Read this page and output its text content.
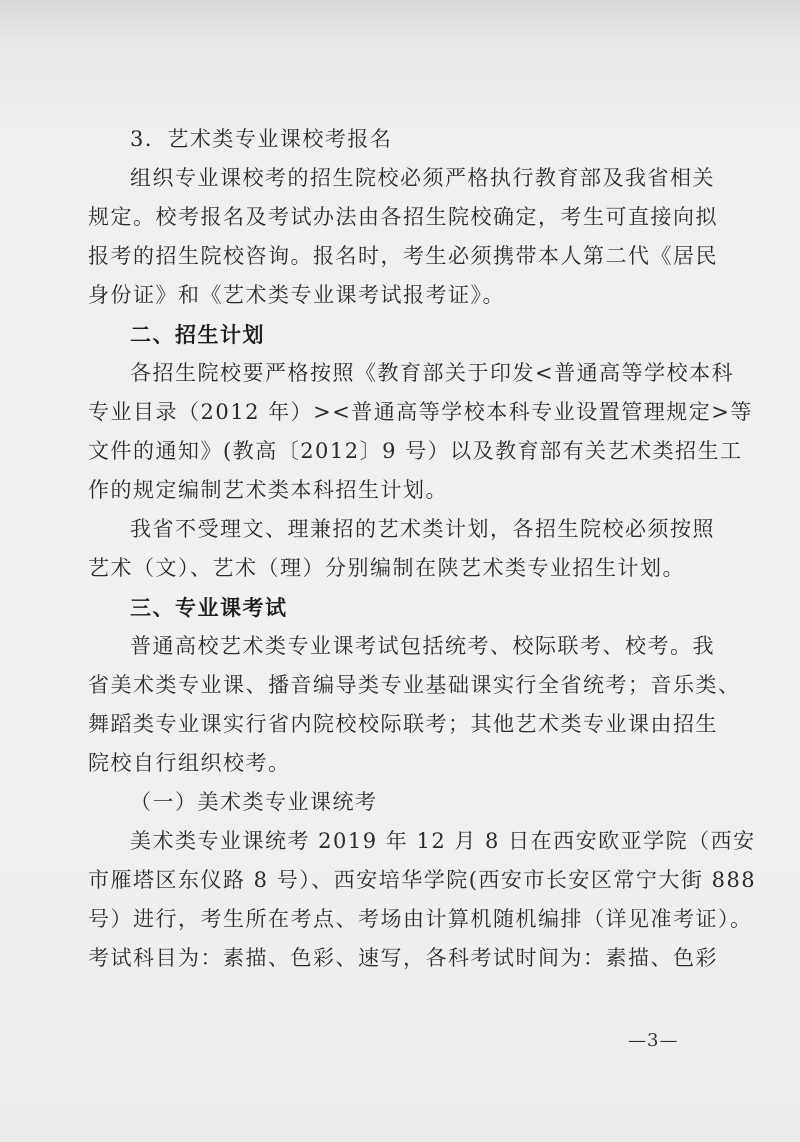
3．艺术类专业课校考报名
组织专业课校考的招生院校必须严格执行教育部及我省相关
规定。校考报名及考试办法由各招生院校确定，考生可直接向拟
报考的招生院校咨询。报名时，考生必须携带本人第二代《居民
身份证》和《艺术类专业课考试报考证》。
二、招生计划
各招生院校要严格按照《教育部关于印发<普通高等学校本科
专业目录（2012 年）><普通高等学校本科专业设置管理规定>等
文件的通知》(教高〔2012〕9 号）以及教育部有关艺术类招生工
作的规定编制艺术类本科招生计划。
我省不受理文、理兼招的艺术类计划，各招生院校必须按照
艺术（文）、艺术（理）分别编制在陕艺术类专业招生计划。
三、专业课考试
普通高校艺术类专业课考试包括统考、校际联考、校考。我
省美术类专业课、播音编导类专业基础课实行全省统考；音乐类、
舞蹈类专业课实行省内院校校际联考；其他艺术类专业课由招生
院校自行组织校考。
（一）美术类专业课统考
美术类专业课统考 2019 年 12 月 8 日在西安欧亚学院（西安
市雁塔区东仪路 8 号）、西安培华学院(西安市长安区常宁大街 888
号）进行，考生所在考点、考场由计算机随机编排（详见准考证）。
考试科目为：素描、色彩、速写，各科考试时间为：素描、色彩
—3—
